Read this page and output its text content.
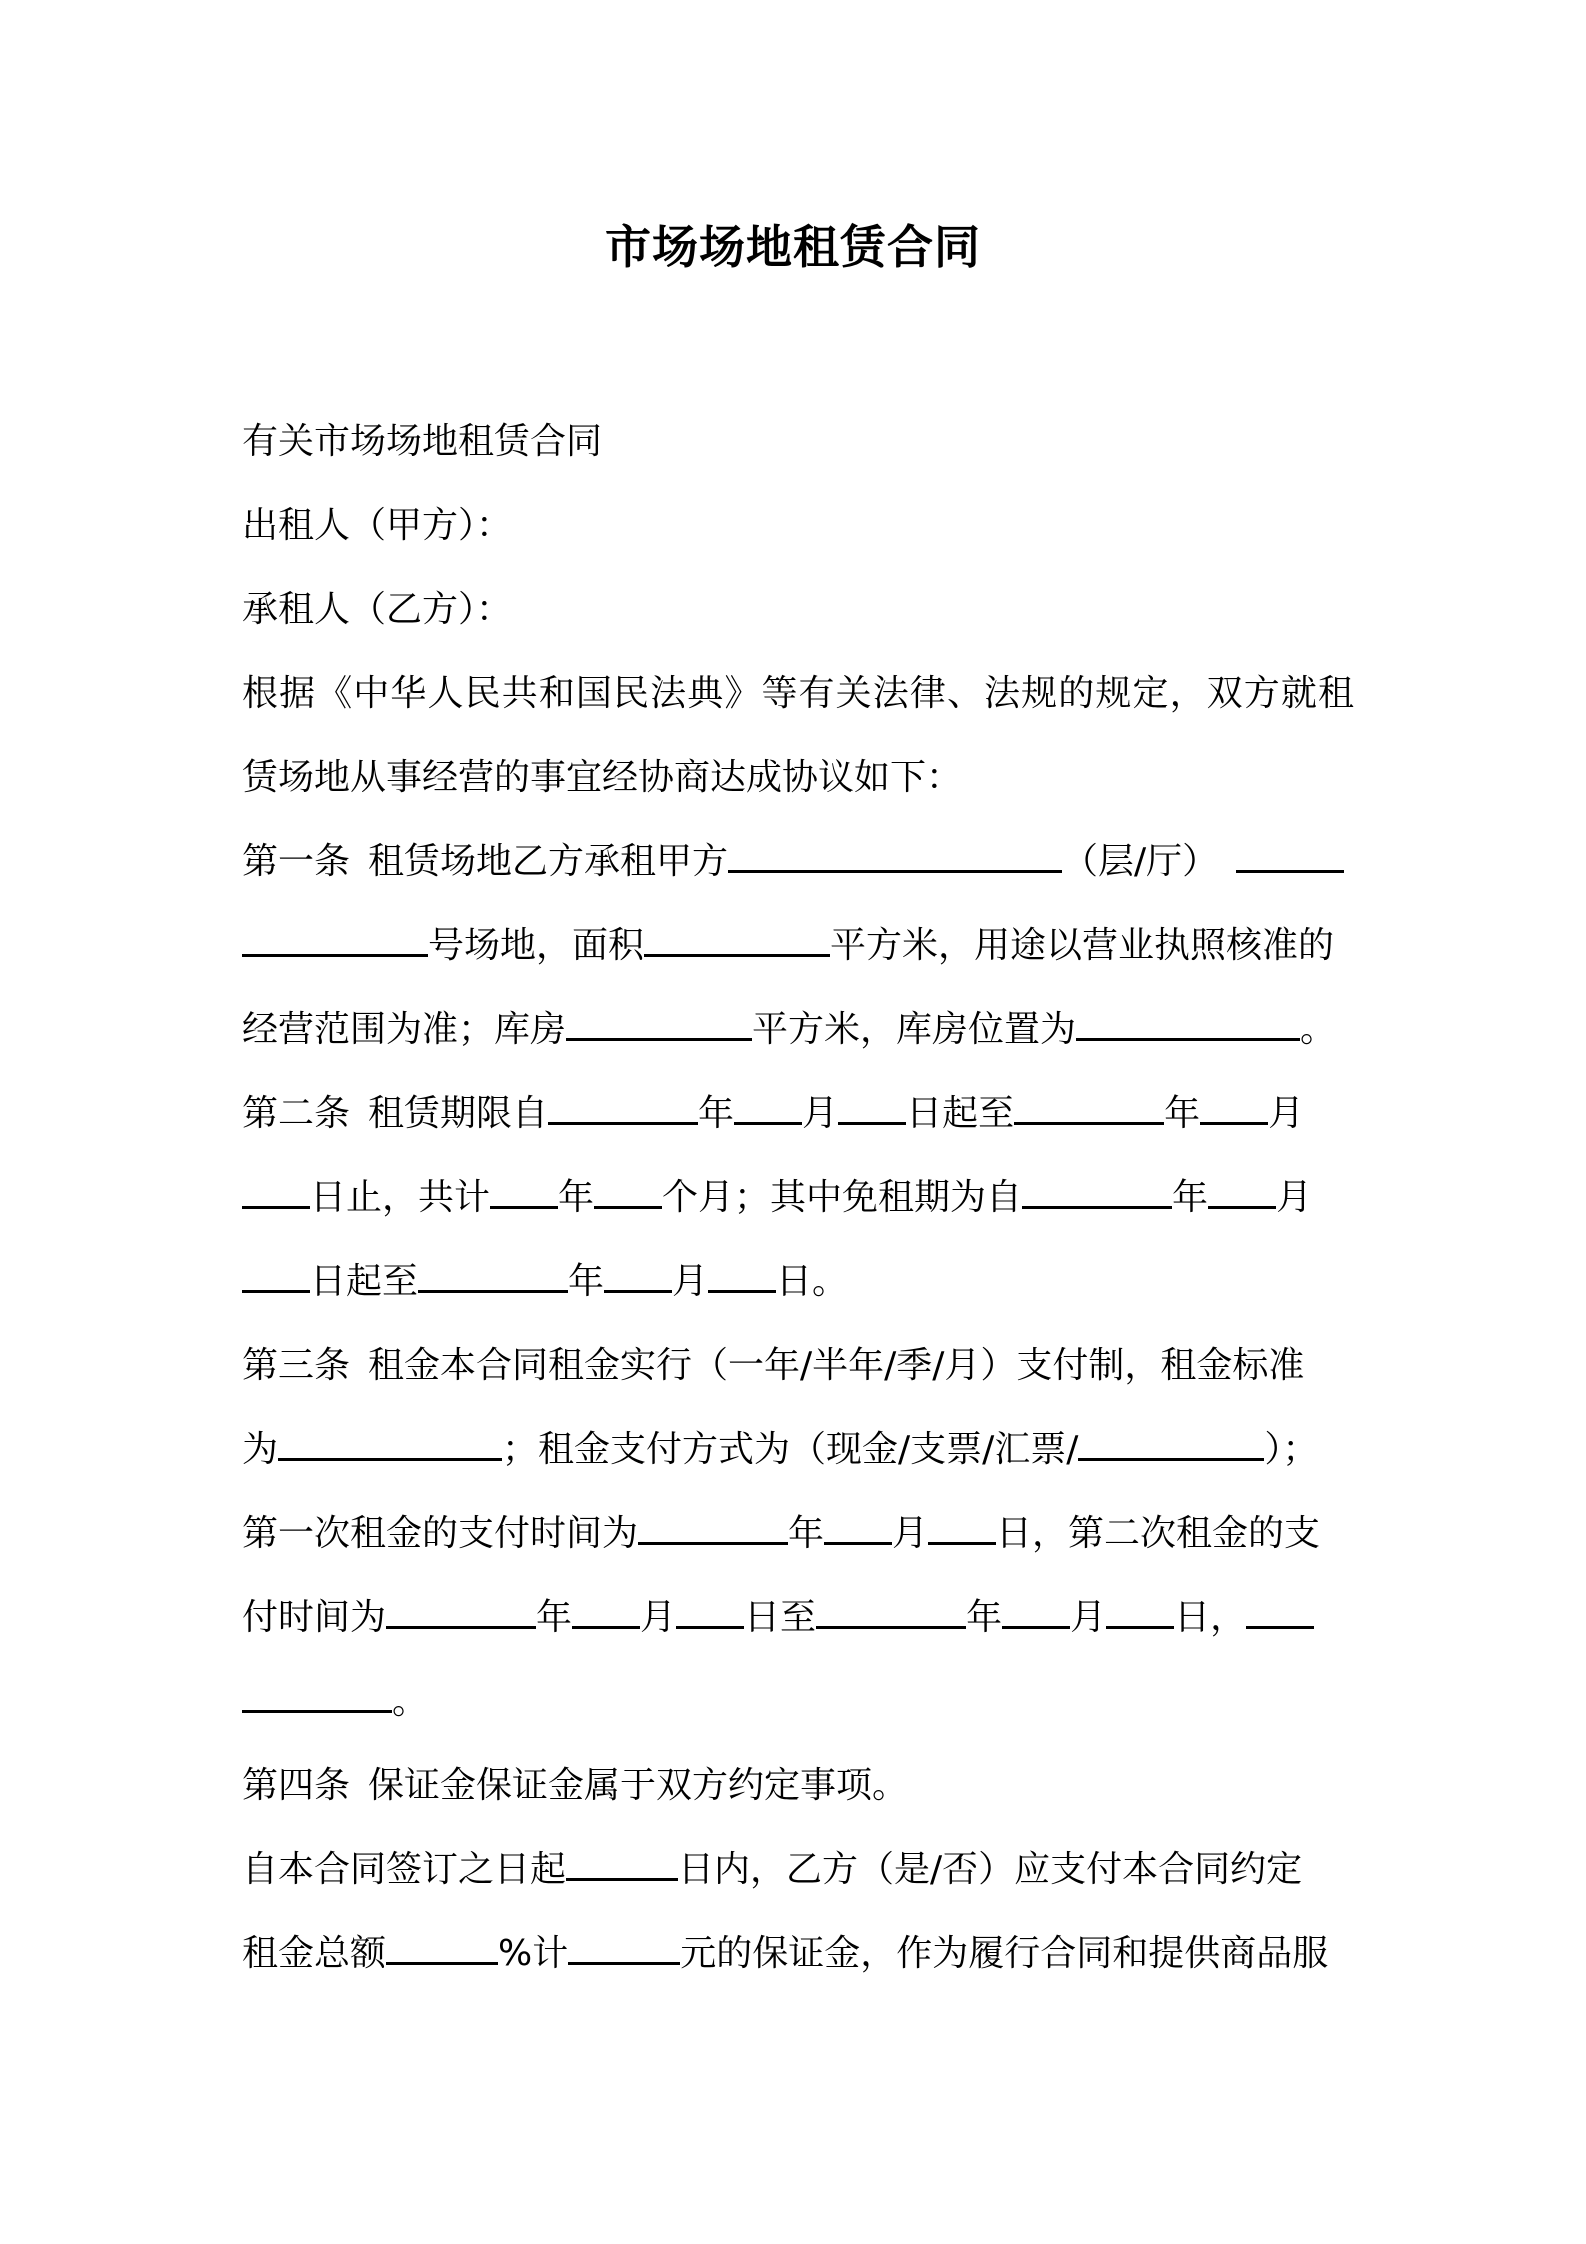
市场场地租赁合同
有关市场场地租赁合同
出租人（甲方）：
承租人（乙方）：
根据《中华人民共和国民法典》等有关法律、法规的规定，双方就租
赁场地从事经营的事宜经协商达成协议如下：
第一条 租赁场地乙方承租甲方	（层/厅）
号场地，面积	平方米，用途以营业执照核准的
经营范围为准；库房	平方米，库房位置为	。
第二条 租赁期限自	年 月 日起至	年 月
日止，共计 年 个月；其中免租期为自	年 月
日起至	年 月 日。
第三条 租金本合同租金实行（一年/半年/季/月）支付制，租金标准
为	；租金支付方式为（现金/支票/汇票/	）；
第一次租金的支付时间为	年 月 日，第二次租金的支
付时间为	年 月 日至	年 月 日，
。
第四条 保证金保证金属于双方约定事项。
自本合同签订之日起	日内，乙方（是/否）应支付本合同约定
租金总额	%计	元的保证金，作为履行合同和提供商品服
